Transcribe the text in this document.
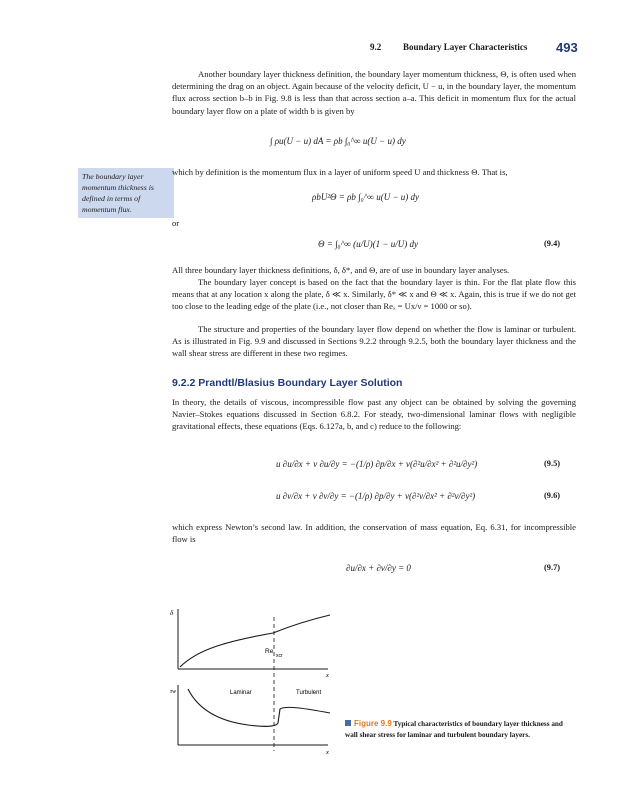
9.2 Boundary Layer Characteristics 493
Another boundary layer thickness definition, the boundary layer momentum thickness, Θ, is often used when determining the drag on an object. Again because of the velocity deficit, U − u, in the boundary layer, the momentum flux across section b–b in Fig. 9.8 is less than that across section a–a. This deficit in momentum flux for the actual boundary layer flow on a plate of width b is given by
∫ ρu(U − u) dA = ρb ∫₀^∞ u(U − u) dy
The boundary layer momentum thickness is defined in terms of momentum flux.
which by definition is the momentum flux in a layer of uniform speed U and thickness Θ. That is,
ρbU²Θ = ρb ∫₀^∞ u(U − u) dy
or
Θ = ∫₀^∞ (u/U)(1 − u/U) dy	(9.4)
All three boundary layer thickness definitions, δ, δ*, and Θ, are of use in boundary layer analyses.
The boundary layer concept is based on the fact that the boundary layer is thin. For the flat plate flow this means that at any location x along the plate, δ ≪ x. Similarly, δ* ≪ x and Θ ≪ x. Again, this is true if we do not get too close to the leading edge of the plate (i.e., not closer than Reₓ = Ux/ν = 1000 or so).
The structure and properties of the boundary layer flow depend on whether the flow is laminar or turbulent. As is illustrated in Fig. 9.9 and discussed in Sections 9.2.2 through 9.2.5, both the boundary layer thickness and the wall shear stress are different in these two regimes.
9.2.2 Prandtl/Blasius Boundary Layer Solution
In theory, the details of viscous, incompressible flow past any object can be obtained by solving the governing Navier–Stokes equations discussed in Section 6.8.2. For steady, two-dimensional laminar flows with negligible gravitational effects, these equations (Eqs. 6.127a, b, and c) reduce to the following:
u ∂u/∂x + v ∂u/∂y = −(1/ρ) ∂p/∂x + ν(∂²u/∂x² + ∂²u/∂y²)	(9.5)
u ∂v/∂x + v ∂v/∂y = −(1/ρ) ∂p/∂y + ν(∂²v/∂x² + ∂²v/∂y²)	(9.6)
which express Newton’s second law. In addition, the conservation of mass equation, Eq. 6.31, for incompressible flow is
∂u/∂x + ∂v/∂y = 0	(9.7)
δ
τw
Re
xcr
x
x
Laminar	Turbulent
Figure 9.9 Typical characteristics of boundary layer thickness and wall shear stress for laminar and turbulent boundary layers.
